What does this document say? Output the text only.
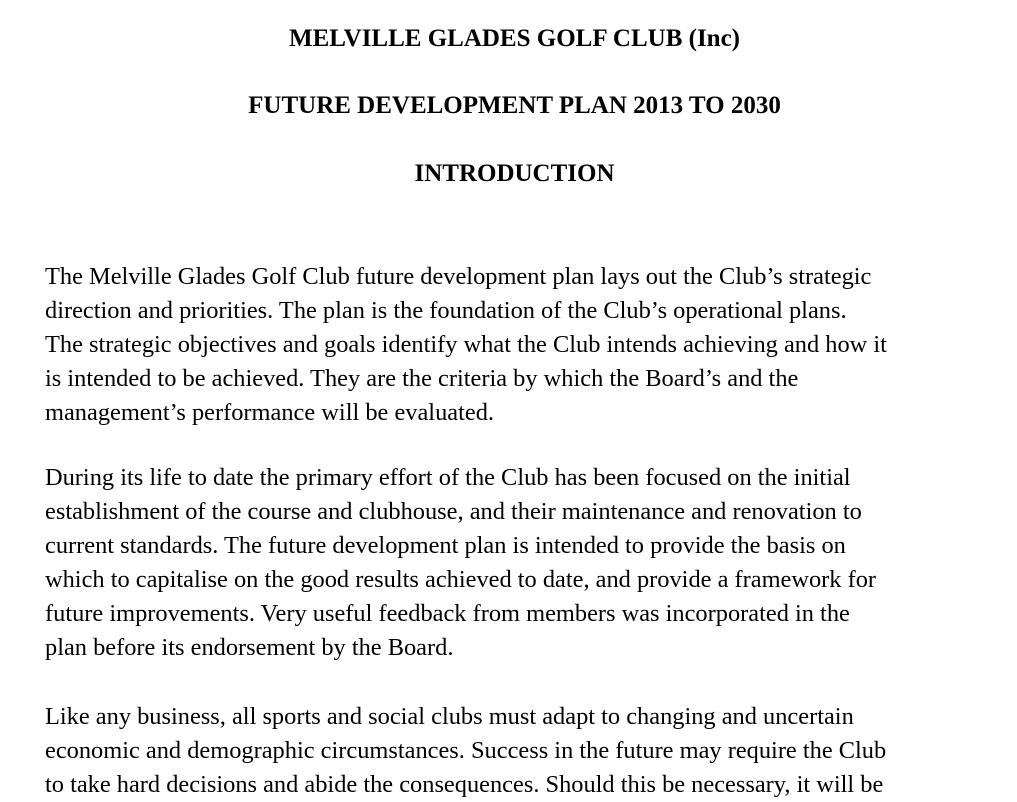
MELVILLE GLADES GOLF CLUB (Inc)
FUTURE DEVELOPMENT PLAN 2013 TO 2030
INTRODUCTION

The Melville Glades Golf Club future development plan lays out the Club’s strategic
direction and priorities. The plan is the foundation of the Club’s operational plans.
The strategic objectives and goals identify what the Club intends achieving and how it
is intended to be achieved. They are the criteria by which the Board’s and the
management’s performance will be evaluated.

During its life to date the primary effort of the Club has been focused on the initial
establishment of the course and clubhouse, and their maintenance and renovation to
current standards. The future development plan is intended to provide the basis on
which to capitalise on the good results achieved to date, and provide a framework for
future improvements. Very useful feedback from members was incorporated in the
plan before its endorsement by the Board.

Like any business, all sports and social clubs must adapt to changing and uncertain
economic and demographic circumstances. Success in the future may require the Club
to take hard decisions and abide the consequences. Should this be necessary, it will be
